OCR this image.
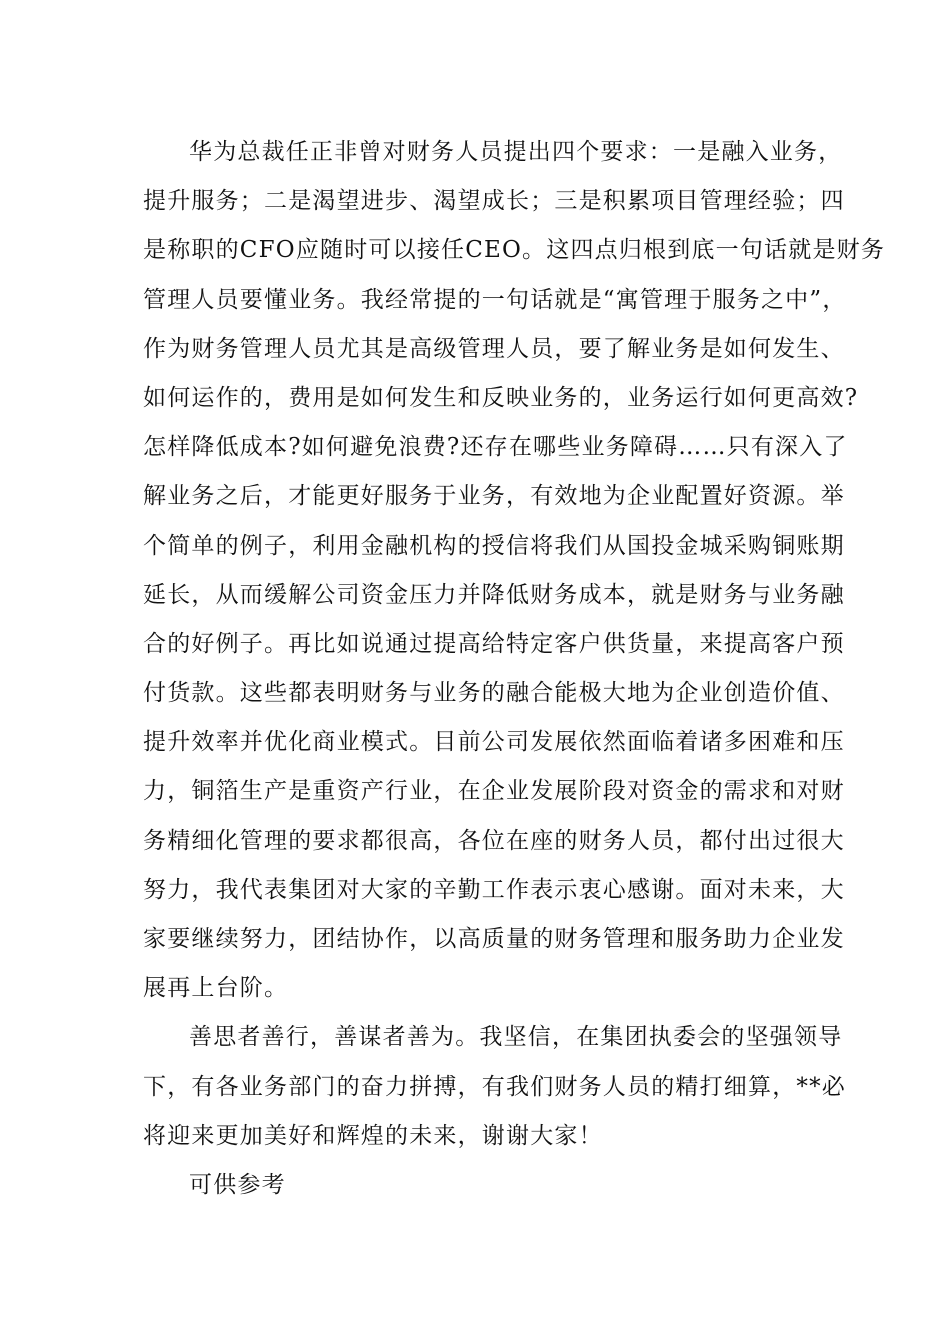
华为总裁任正非曾对财务人员提出四个要求：一是融入业务，
提升服务；二是渴望进步、渴望成长；三是积累项目管理经验；四
是称职的CFO应随时可以接任CEO。这四点归根到底一句话就是财务
管理人员要懂业务。我经常提的一句话就是“寓管理于服务之中”，
作为财务管理人员尤其是高级管理人员，要了解业务是如何发生、
如何运作的，费用是如何发生和反映业务的，业务运行如何更高效?
怎样降低成本?如何避免浪费?还存在哪些业务障碍……只有深入了
解业务之后，才能更好服务于业务，有效地为企业配置好资源。举
个简单的例子，利用金融机构的授信将我们从国投金城采购铜账期
延长，从而缓解公司资金压力并降低财务成本，就是财务与业务融
合的好例子。再比如说通过提高给特定客户供货量，来提高客户预
付货款。这些都表明财务与业务的融合能极大地为企业创造价值、
提升效率并优化商业模式。目前公司发展依然面临着诸多困难和压
力，铜箔生产是重资产行业，在企业发展阶段对资金的需求和对财
务精细化管理的要求都很高，各位在座的财务人员，都付出过很大
努力，我代表集团对大家的辛勤工作表示衷心感谢。面对未来，大
家要继续努力，团结协作，以高质量的财务管理和服务助力企业发
展再上台阶。
善思者善行，善谋者善为。我坚信，在集团执委会的坚强领导
下，有各业务部门的奋力拼搏，有我们财务人员的精打细算，**必
将迎来更加美好和辉煌的未来，谢谢大家！
可供参考
